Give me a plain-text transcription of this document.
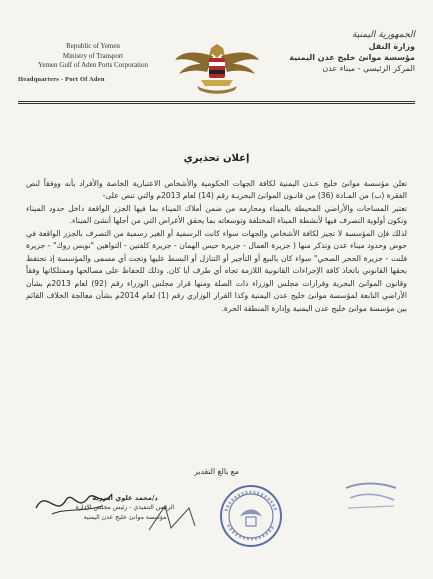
Republic of Yemen
Ministry of Transport
Yemen Gulf of Aden Ports Corporation
Headquarters - Port Of Aden
الجمهورية اليمنية
وزارة النقل
مؤسسة موانئ خليج عدن اليمنية
المركز الرئيسي - ميناء عدن
إعلان تحذيري

تعلن مؤسسة موانئ خليج عـدن اليمنية لكافة الجهات الحكومية والأشخاص الاعتبارية الخاصة والأفراد بأنه ووفقاً لنص الفقرة (ب) من المـادة (36) من قانـون الموانئ البحريـة رقم (14) لعام 2013م والتي تنص على-

تعتبر المساحات والأراضي المحيطة بالميناء ومحارمه من ضمن أملاك الميناء بما فيها الجزر الواقعة داخل حدود الميناء وتكون أولوية التصرف فيها لأنشطة الميناء المختلفة وتوسعاته بما يحقق الأغراض التي من أجلها أنشئ الميناء.

لذلك فإن المؤسسة لا تجيز لكافة الأشخاص والجهات سواء كانت الرسمية أو الغير رسمية من التصرف بالجزر الواقعة في حوض وحدود ميناء عدن وتذكر منها ( جزيرة العمال - جزيرة حيس الهمان - جزيرة كلفتين - التواهين "نوبس روك" - جزيرة فلنت - جزيرة الحجر الصحي" سواء كان بالبيع أو التأجير أو التنازل أو البسط عليها وتحت أي مسمى والمؤسسة إذ تحتفظ بحقها القانوني باتخاذ كافة الإجراءات القانونية اللازمة تجاه أي طرف أيا كان. وذلك للحفاظ على مصالحها وممتلكاتها وفقاً وقانون الموانئ البحرية وقرارات مجلس الوزراء ذات الصلة ومنها قرار مجلس الوزراء رقم (92) لعام 2013م بشأن الأراضي التابعة لمؤسسة موانئ خليج عدن اليمنية وكذا القرار الوزاري رقم (1) لعام 2014م بشأن معالجة الخلاف القائم بين مؤسسة موانئ خليج عدن اليمنية وإدارة المنطقة الحرة.

مع بالغ التقدير
د/محمد علوي امزربه
الرئيس التنفيذي - رئيس مجلس الإدارة
مؤسسة موانئ خليج عدن اليمنية
